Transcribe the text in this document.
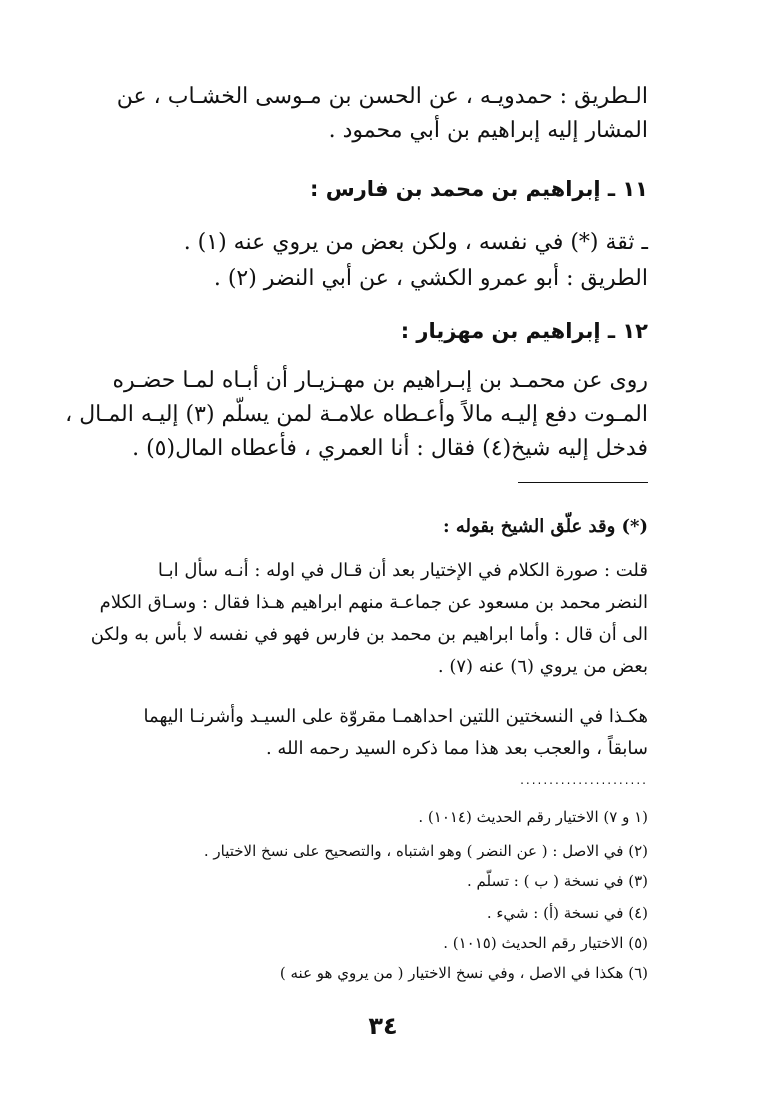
الـطريق : حمدويـه ، عن الحسن بن مـوسى الخشـاب ، عن
المشار إليه إبراهيم بن أبي محمود .
١١ ـ إبراهيم بن محمد بن فارس :
ـ ثقة (*) في نفسه ، ولكن بعض من يروي عنه (١) .
الطريق : أبو عمرو الكشي ، عن أبي النضر (٢) .
١٢ ـ إبراهيم بن مهزيار :
روى عن محمـد بن إبـراهيم بن مهـزيـار أن أبـاه لمـا حضـره
المـوت دفع إليـه مالاً وأعـطاه علامـة لمن يسلّم (٣) إليـه المـال ،
فدخل إليه شيخ(٤) فقال : أنا العمري ، فأعطاه المال(٥) .
(*) وقد علّق الشيخ بقوله :
قلت : صورة الكلام في الإختيار بعد أن قـال في اوله : أنـه سأل ابـا
النضر محمد بن مسعود عن جماعـة منهم ابراهيم هـذا فقال : وسـاق الكلام
الى أن قال : وأما ابراهيم بن محمد بن فارس فهو في نفسه لا بأس به ولكن
بعض من يروي (٦) عنه (٧) .
هكـذا في النسختين اللتين احداهمـا مقروّة على السيـد وأشرنـا اليهما
سابقاً ، والعجب بعد هذا مما ذكره السيد رحمه الله .
......................
(١ و ٧) الاختيار رقم الحديث (١٠١٤) .
(٢) في الاصل : ( عن النضر ) وهو اشتباه ، والتصحيح على نسخ الاختيار .
(٣) في نسخة ( ب ) : تسلّم .
(٤) في نسخة (أ) : شيء .
(٥) الاختيار رقم الحديث (١٠١٥) .
(٦) هكذا في الاصل ، وفي نسخ الاختيار ( من يروي هو عنه )
٣٤
